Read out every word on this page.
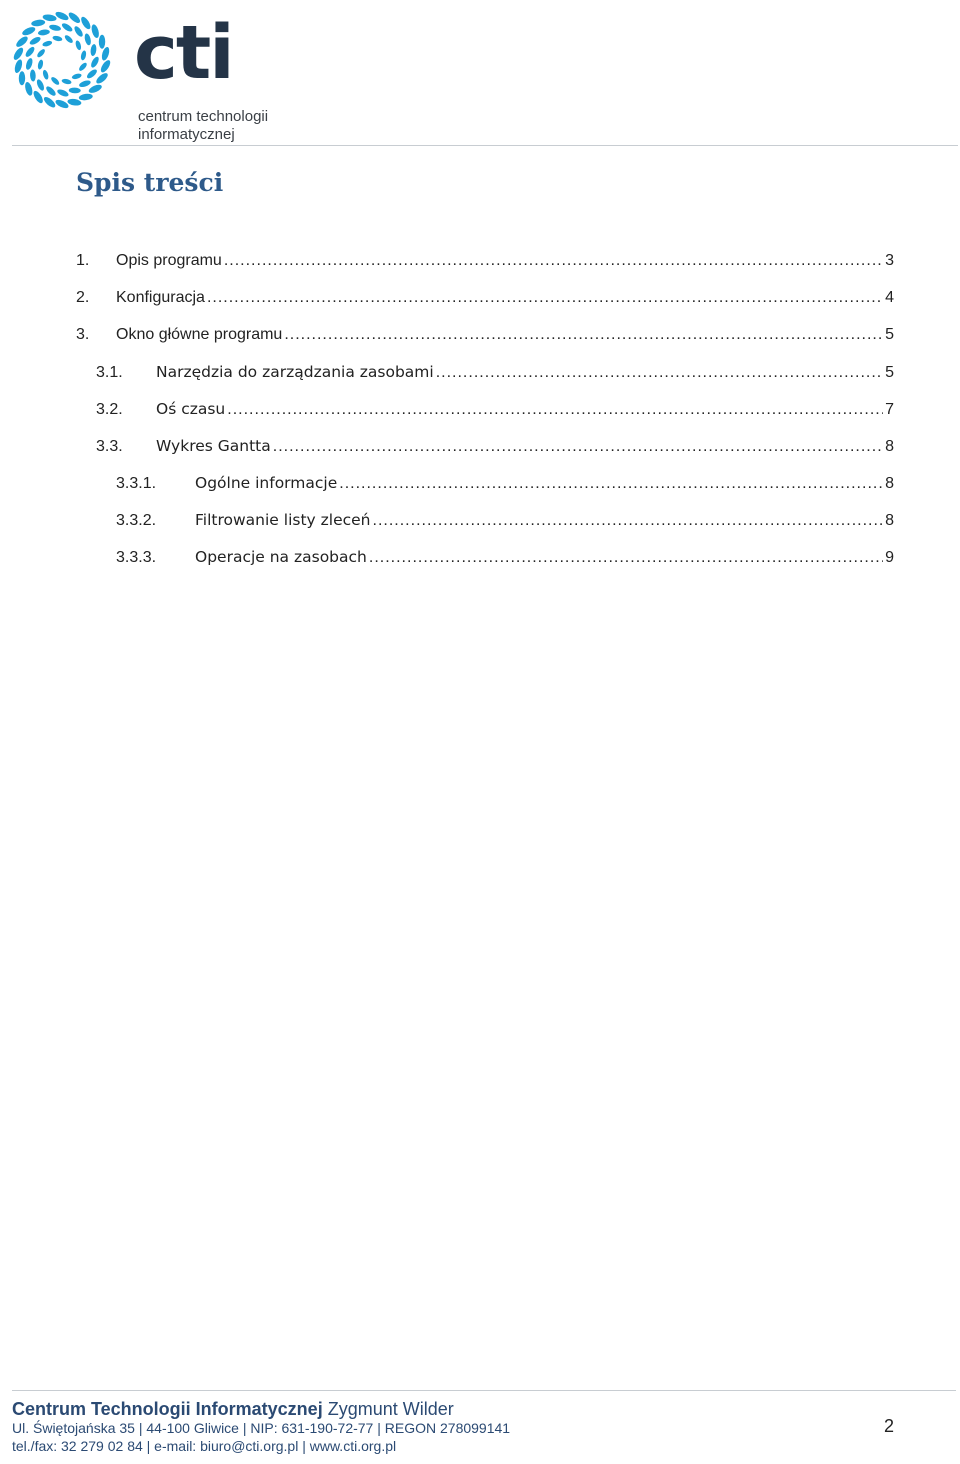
cti
centrum technologii
informatycznej
Spis treści
1.	Opis programu .....	3
2.	Konfiguracja .....	4
3.	Okno główne programu .....	5
3.1.	Narzędzia do zarządzania zasobami .....	5
3.2.	Oś czasu .....	7
3.3.	Wykres Gantta .....	8
3.3.1.	Ogólne informacje .....	8
3.3.2.	Filtrowanie listy zleceń .....	8
3.3.3.	Operacje na zasobach .....	9
Centrum Technologii Informatycznej Zygmunt Wilder
Ul. Świętojańska 35 | 44-100 Gliwice | NIP: 631-190-72-77 | REGON 278099141
tel./fax: 32 279 02 84 | e-mail: biuro@cti.org.pl | www.cti.org.pl
2
